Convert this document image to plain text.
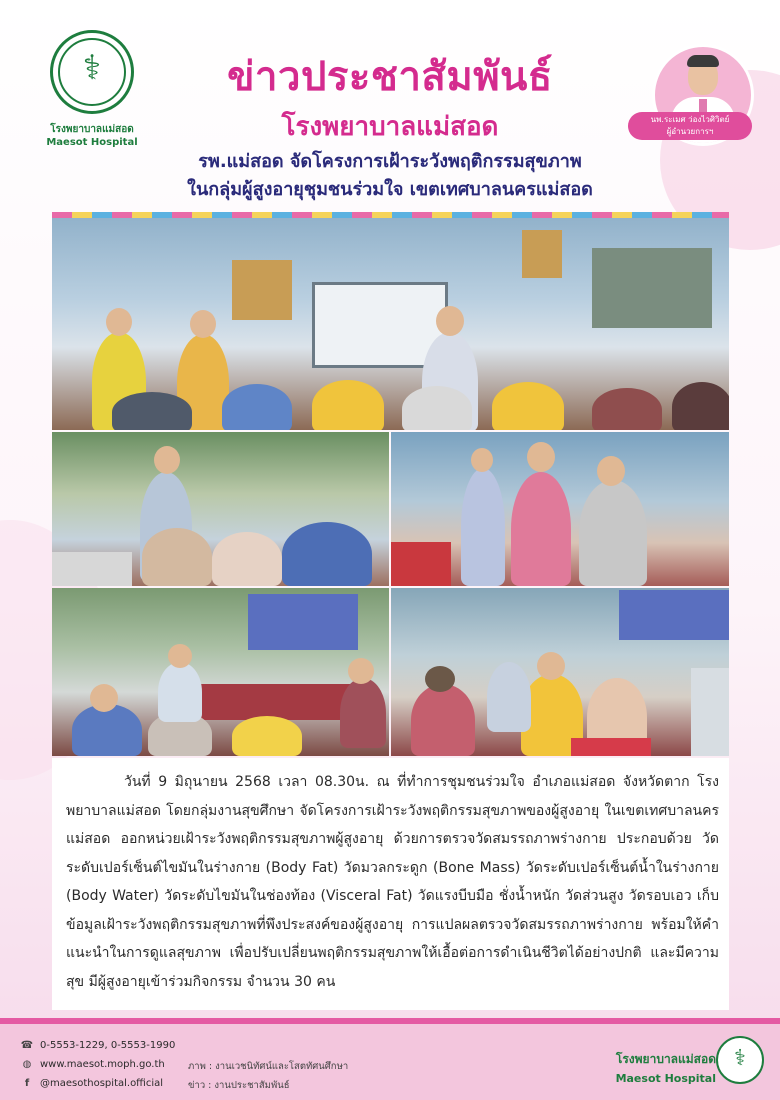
⚕
โรงพยาบาลแม่สอด
Maesot Hospital
ข่าวประชาสัมพันธ์
โรงพยาบาลแม่สอด
รพ.แม่สอด จัดโครงการเฝ้าระวังพฤติกรรมสุขภาพ
ในกลุ่มผู้สูงอายุชุมชนร่วมใจ เขตเทศบาลนครแม่สอด
นพ.ระเมศ ว่องไวศิวิตย์
ผู้อำนวยการฯ

วันที่ 9 มิถุนายน 2568 เวลา 08.30น. ณ ที่ทำการชุมชนร่วมใจ อำเภอแม่สอด จังหวัดตาก โรงพยาบาลแม่สอด โดยกลุ่มงานสุขศึกษา จัดโครงการเฝ้าระวังพฤติกรรมสุขภาพของผู้สูงอายุ ในเขตเทศบาลนครแม่สอด ออกหน่วยเฝ้าระวังพฤติกรรมสุขภาพผู้สูงอายุ ด้วยการตรวจวัดสมรรถภาพร่างกาย ประกอบด้วย วัดระดับเปอร์เซ็นต์ไขมันในร่างกาย (Body Fat) วัดมวลกระดูก (Bone Mass) วัดระดับเปอร์เซ็นต์น้ำในร่างกาย (Body Water) วัดระดับไขมันในช่องท้อง (Visceral Fat) วัดแรงบีบมือ ชั่งน้ำหนัก วัดส่วนสูง วัดรอบเอว เก็บข้อมูลเฝ้าระวังพฤติกรรมสุขภาพที่พึงประสงค์ของผู้สูงอายุ การแปลผลตรวจวัดสมรรถภาพร่างกาย พร้อมให้คำแนะนำในการดูแลสุขภาพ เพื่อปรับเปลี่ยนพฤติกรรมสุขภาพให้เอื้อต่อการดำเนินชีวิตได้อย่างปกติ และมีความสุข มีผู้สูงอายุเข้าร่วมกิจกรรม จำนวน 30 คน

☎ 0-5553-1229, 0-5553-1990
◍ www.maesot.moph.go.th
f @maesothospital.official
ภาพ : งานเวชนิทัศน์และโสตทัศนศึกษา
ข่าว : งานประชาสัมพันธ์
โรงพยาบาลแม่สอด
Maesot Hospital
⚕
